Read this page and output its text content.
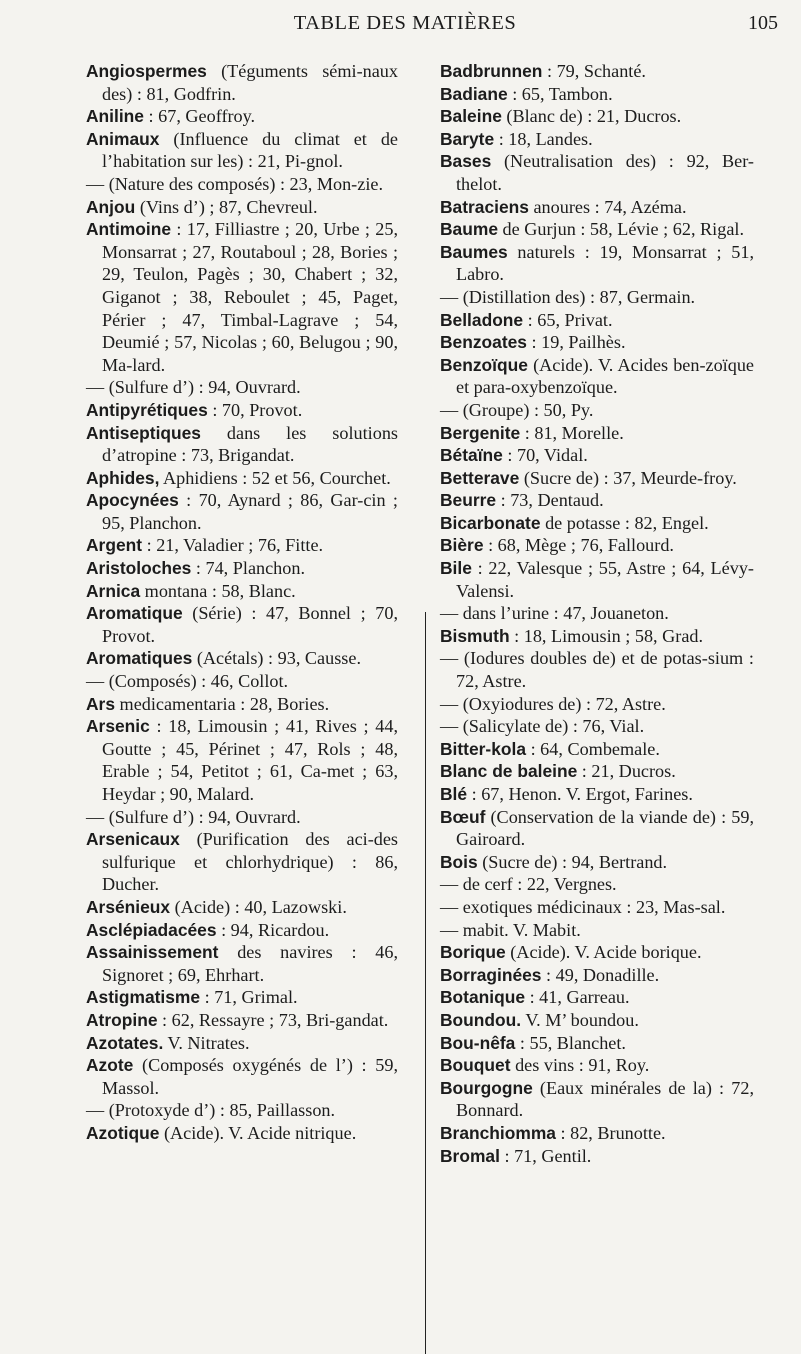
TABLE DES MATIÈRES	105
Angiospermes (Téguments sémi-naux des) : 81, Godfrin.
Aniline : 67, Geoffroy.
Animaux (Influence du climat et de l’habitation sur les) : 21, Pi-gnol.
— (Nature des composés) : 23, Mon-zie.
Anjou (Vins d’) ; 87, Chevreul.
Antimoine : 17, Filliastre ; 20, Urbe ; 25, Monsarrat ; 27, Routaboul ; 28, Bories ; 29, Teulon, Pagès ; 30, Chabert ; 32, Giganot ; 38, Reboulet ; 45, Paget, Périer ; 47, Timbal-Lagrave ; 54, Deumié ; 57, Nicolas ; 60, Belugou ; 90, Ma-lard.
— (Sulfure d’) : 94, Ouvrard.
Antipyrétiques : 70, Provot.
Antiseptiques dans les solutions d’atropine : 73, Brigandat.
Aphides, Aphidiens : 52 et 56, Courchet.
Apocynées : 70, Aynard ; 86, Gar-cin ; 95, Planchon.
Argent : 21, Valadier ; 76, Fitte.
Aristoloches : 74, Planchon.
Arnica montana : 58, Blanc.
Aromatique (Série) : 47, Bonnel ; 70, Provot.
Aromatiques (Acétals) : 93, Causse.
— (Composés) : 46, Collot.
Ars medicamentaria : 28, Bories.
Arsenic : 18, Limousin ; 41, Rives ; 44, Goutte ; 45, Périnet ; 47, Rols ; 48, Erable ; 54, Petitot ; 61, Ca-met ; 63, Heydar ; 90, Malard.
— (Sulfure d’) : 94, Ouvrard.
Arsenicaux (Purification des aci-des sulfurique et chlorhydrique) : 86, Ducher.
Arsénieux (Acide) : 40, Lazowski.
Asclépiadacées : 94, Ricardou.
Assainissement des navires : 46, Signoret ; 69, Ehrhart.
Astigmatisme : 71, Grimal.
Atropine : 62, Ressayre ; 73, Bri-gandat.
Azotates. V. Nitrates.
Azote (Composés oxygénés de l’) : 59, Massol.
— (Protoxyde d’) : 85, Paillasson.
Azotique (Acide). V. Acide nitrique.
Badbrunnen : 79, Schanté.
Badiane : 65, Tambon.
Baleine (Blanc de) : 21, Ducros.
Baryte : 18, Landes.
Bases (Neutralisation des) : 92, Ber-thelot.
Batraciens anoures : 74, Azéma.
Baume de Gurjun : 58, Lévie ; 62, Rigal.
Baumes naturels : 19, Monsarrat ; 51, Labro.
— (Distillation des) : 87, Germain.
Belladone : 65, Privat.
Benzoates : 19, Pailhès.
Benzoïque (Acide). V. Acides ben-zoïque et para-oxybenzoïque.
— (Groupe) : 50, Py.
Bergenite : 81, Morelle.
Bétaïne : 70, Vidal.
Betterave (Sucre de) : 37, Meurde-froy.
Beurre : 73, Dentaud.
Bicarbonate de potasse : 82, Engel.
Bière : 68, Mège ; 76, Fallourd.
Bile : 22, Valesque ; 55, Astre ; 64, Lévy-Valensi.
— dans l’urine : 47, Jouaneton.
Bismuth : 18, Limousin ; 58, Grad.
— (Iodures doubles de) et de potas-sium : 72, Astre.
— (Oxyiodures de) : 72, Astre.
— (Salicylate de) : 76, Vial.
Bitter-kola : 64, Combemale.
Blanc de baleine : 21, Ducros.
Blé : 67, Henon. V. Ergot, Farines.
Bœuf (Conservation de la viande de) : 59, Gairoard.
Bois (Sucre de) : 94, Bertrand.
— de cerf : 22, Vergnes.
— exotiques médicinaux : 23, Mas-sal.
— mabit. V. Mabit.
Borique (Acide). V. Acide borique.
Borraginées : 49, Donadille.
Botanique : 41, Garreau.
Boundou. V. M’ boundou.
Bou-nêfa : 55, Blanchet.
Bouquet des vins : 91, Roy.
Bourgogne (Eaux minérales de la) : 72, Bonnard.
Branchiomma : 82, Brunotte.
Bromal : 71, Gentil.
